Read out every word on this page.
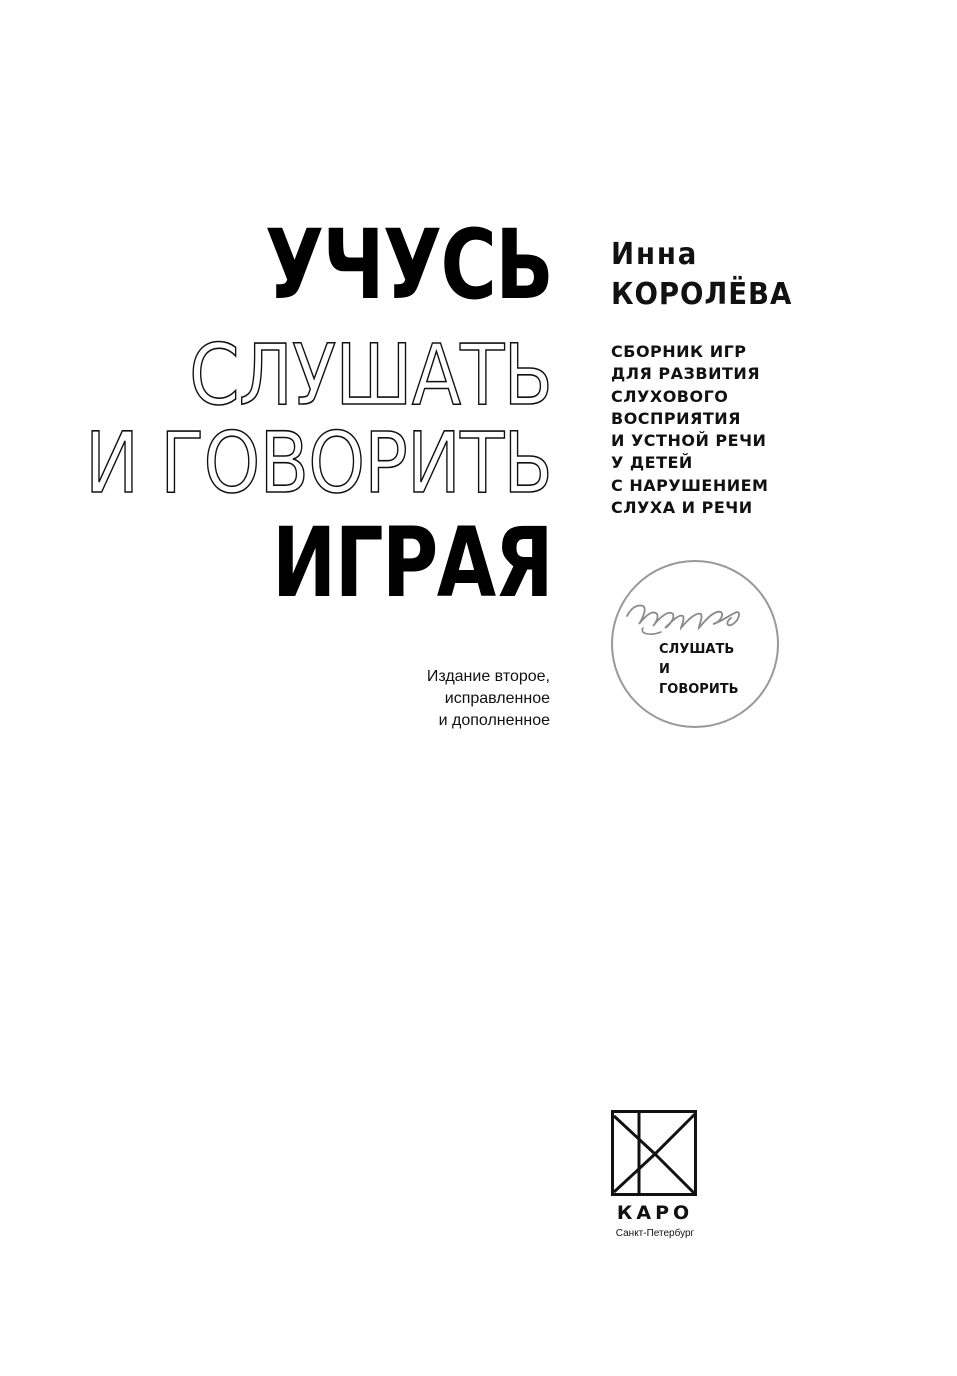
УЧУСЬ
СЛУШАТЬ
И ГОВОРИТЬ
ИГРАЯ
Издание второе,
исправленное
и дополненное
Инна
КОРОЛЁВА
СБОРНИК ИГР
ДЛЯ РАЗВИТИЯ
СЛУХОВОГО
ВОСПРИЯТИЯ
И УСТНОЙ РЕЧИ
У ДЕТЕЙ
С НАРУШЕНИЕМ
СЛУХА И РЕЧИ
СЛУШАТЬ
И
ГОВОРИТЬ
КАРО
Санкт-Петербург
